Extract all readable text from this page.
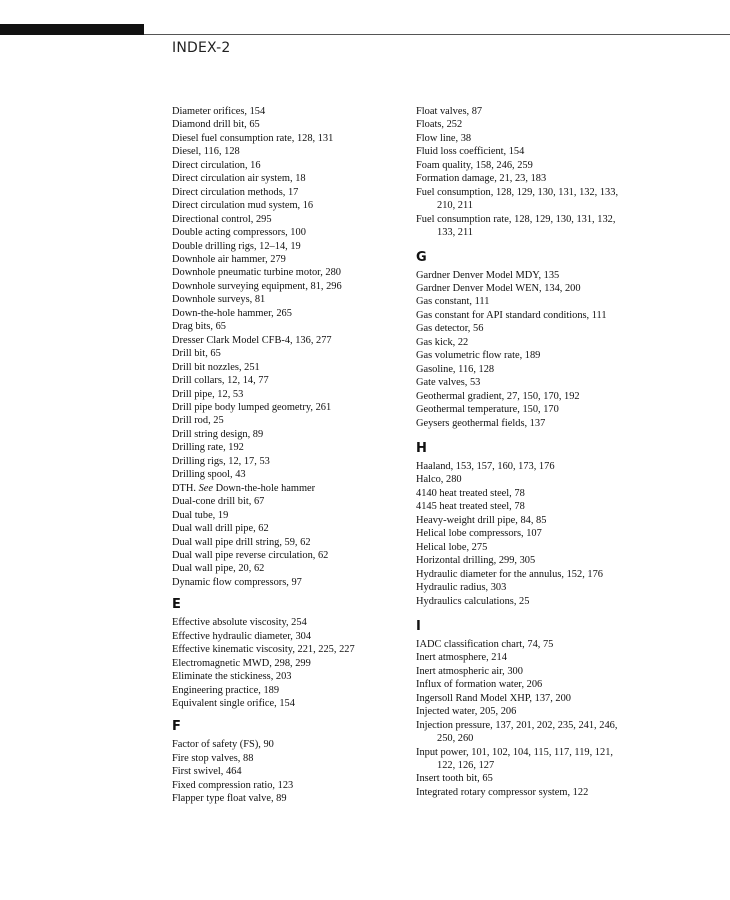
INDEX-2
Diameter orifices, 154
Diamond drill bit, 65
Diesel fuel consumption rate, 128, 131
Diesel, 116, 128
Direct circulation, 16
Direct circulation air system, 18
Direct circulation methods, 17
Direct circulation mud system, 16
Directional control, 295
Double acting compressors, 100
Double drilling rigs, 12–14, 19
Downhole air hammer, 279
Downhole pneumatic turbine motor, 280
Downhole surveying equipment, 81, 296
Downhole surveys, 81
Down-the-hole hammer, 265
Drag bits, 65
Dresser Clark Model CFB-4, 136, 277
Drill bit, 65
Drill bit nozzles, 251
Drill collars, 12, 14, 77
Drill pipe, 12, 53
Drill pipe body lumped geometry, 261
Drill rod, 25
Drill string design, 89
Drilling rate, 192
Drilling rigs, 12, 17, 53
Drilling spool, 43
DTH. See Down-the-hole hammer
Dual-cone drill bit, 67
Dual tube, 19
Dual wall drill pipe, 62
Dual wall pipe drill string, 59, 62
Dual wall pipe reverse circulation, 62
Dual wall pipe, 20, 62
Dynamic flow compressors, 97
E
Effective absolute viscosity, 254
Effective hydraulic diameter, 304
Effective kinematic viscosity, 221, 225, 227
Electromagnetic MWD, 298, 299
Eliminate the stickiness, 203
Engineering practice, 189
Equivalent single orifice, 154
F
Factor of safety (FS), 90
Fire stop valves, 88
First swivel, 464
Fixed compression ratio, 123
Flapper type float valve, 89
Float valves, 87
Floats, 252
Flow line, 38
Fluid loss coefficient, 154
Foam quality, 158, 246, 259
Formation damage, 21, 23, 183
Fuel consumption, 128, 129, 130, 131, 132, 133,
210, 211
Fuel consumption rate, 128, 129, 130, 131, 132,
133, 211
G
Gardner Denver Model MDY, 135
Gardner Denver Model WEN, 134, 200
Gas constant, 111
Gas constant for API standard conditions, 111
Gas detector, 56
Gas kick, 22
Gas volumetric flow rate, 189
Gasoline, 116, 128
Gate valves, 53
Geothermal gradient, 27, 150, 170, 192
Geothermal temperature, 150, 170
Geysers geothermal fields, 137
H
Haaland, 153, 157, 160, 173, 176
Halco, 280
4140 heat treated steel, 78
4145 heat treated steel, 78
Heavy-weight drill pipe, 84, 85
Helical lobe compressors, 107
Helical lobe, 275
Horizontal drilling, 299, 305
Hydraulic diameter for the annulus, 152, 176
Hydraulic radius, 303
Hydraulics calculations, 25
I
IADC classification chart, 74, 75
Inert atmosphere, 214
Inert atmospheric air, 300
Influx of formation water, 206
Ingersoll Rand Model XHP, 137, 200
Injected water, 205, 206
Injection pressure, 137, 201, 202, 235, 241, 246,
250, 260
Input power, 101, 102, 104, 115, 117, 119, 121,
122, 126, 127
Insert tooth bit, 65
Integrated rotary compressor system, 122
